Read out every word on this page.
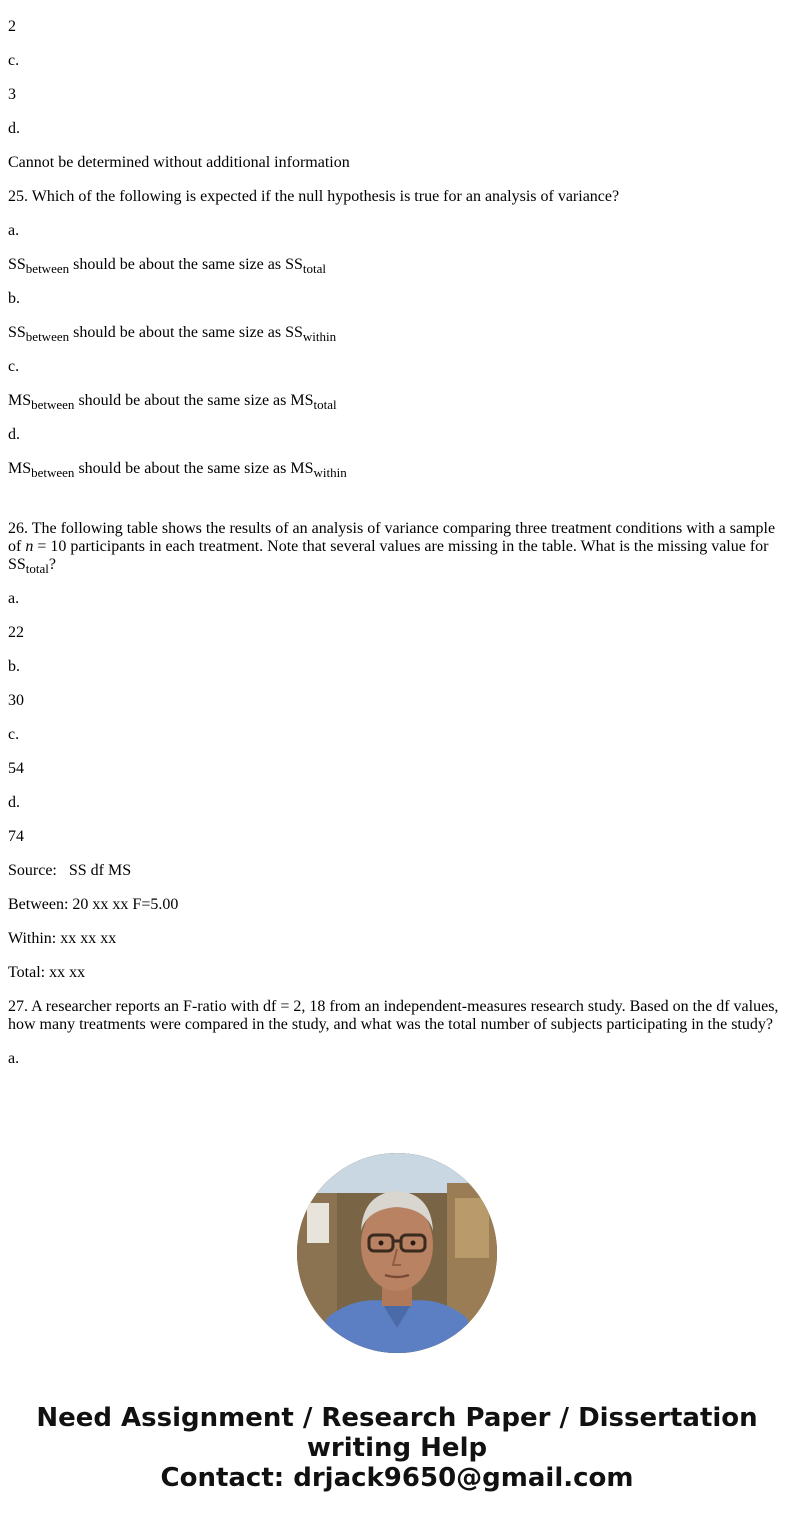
2

c.

3

d.

Cannot be determined without additional information

25. Which of the following is expected if the null hypothesis is true for an analysis of variance?

a.

$SS_{between}$ should be about the same size as $SS_{total}$

b.

$SS_{between}$ should be about the same size as $SS_{within}$

c.

$MS_{between}$ should be about the same size as $MS_{total}$

d.

$MS_{between}$ should be about the same size as $MS_{within}$

26. The following table shows the results of an analysis of variance comparing three treatment conditions with a sample of n = 10 participants in each treatment. Note that several values are missing in the table. What is the missing value for $SS_{total}$?

a.

22

b.

30

c.

54

d.

74

Source:   SS df MS

Between: 20 xx xx F=5.00

Within: xx xx xx

Total: xx xx

27. A researcher reports an F-ratio with df = 2, 18 from an independent-measures research study. Based on the df values, how many treatments were compared in the study, and what was the total number of subjects participating in the study?

a.

Need Assignment / Research Paper / Dissertation
writing Help
Contact: drjack9650@gmail.com
